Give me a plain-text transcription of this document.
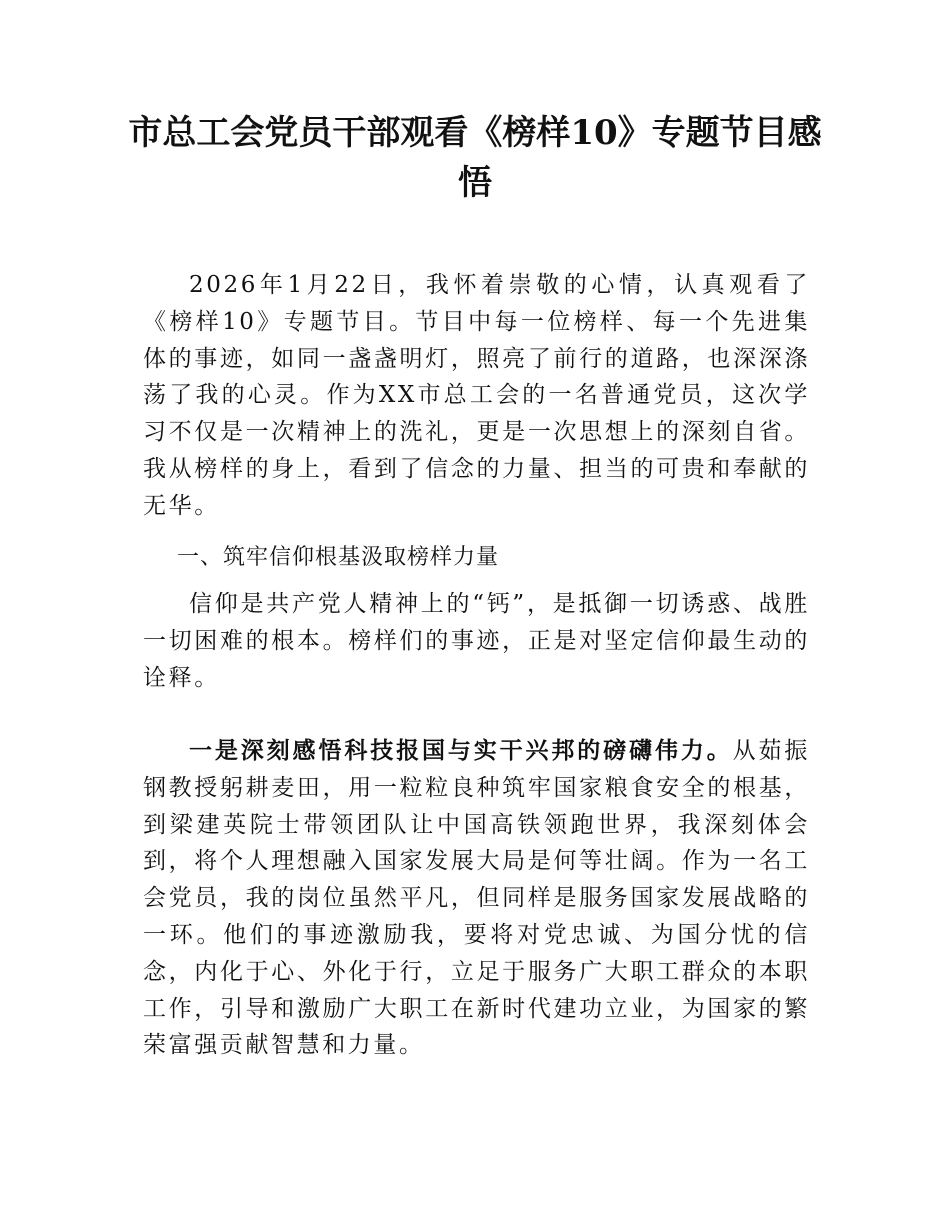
市总工会党员干部观看《榜样10》专题节目感悟

2026年1月22日，我怀着崇敬的心情，认真观看了《榜样10》专题节目。节目中每一位榜样、每一个先进集体的事迹，如同一盏盏明灯，照亮了前行的道路，也深深涤荡了我的心灵。作为XX市总工会的一名普通党员，这次学习不仅是一次精神上的洗礼，更是一次思想上的深刻自省。我从榜样的身上，看到了信念的力量、担当的可贵和奉献的无华。

一、筑牢信仰根基汲取榜样力量

信仰是共产党人精神上的“钙”，是抵御一切诱惑、战胜一切困难的根本。榜样们的事迹，正是对坚定信仰最生动的诠释。

一是深刻感悟科技报国与实干兴邦的磅礴伟力。从茹振钢教授躬耕麦田，用一粒粒良种筑牢国家粮食安全的根基，到梁建英院士带领团队让中国高铁领跑世界，我深刻体会到，将个人理想融入国家发展大局是何等壮阔。作为一名工会党员，我的岗位虽然平凡，但同样是服务国家发展战略的一环。他们的事迹激励我，要将对党忠诚、为国分忧的信念，内化于心、外化于行，立足于服务广大职工群众的本职工作，引导和激励广大职工在新时代建功立业，为国家的繁荣富强贡献智慧和力量。
